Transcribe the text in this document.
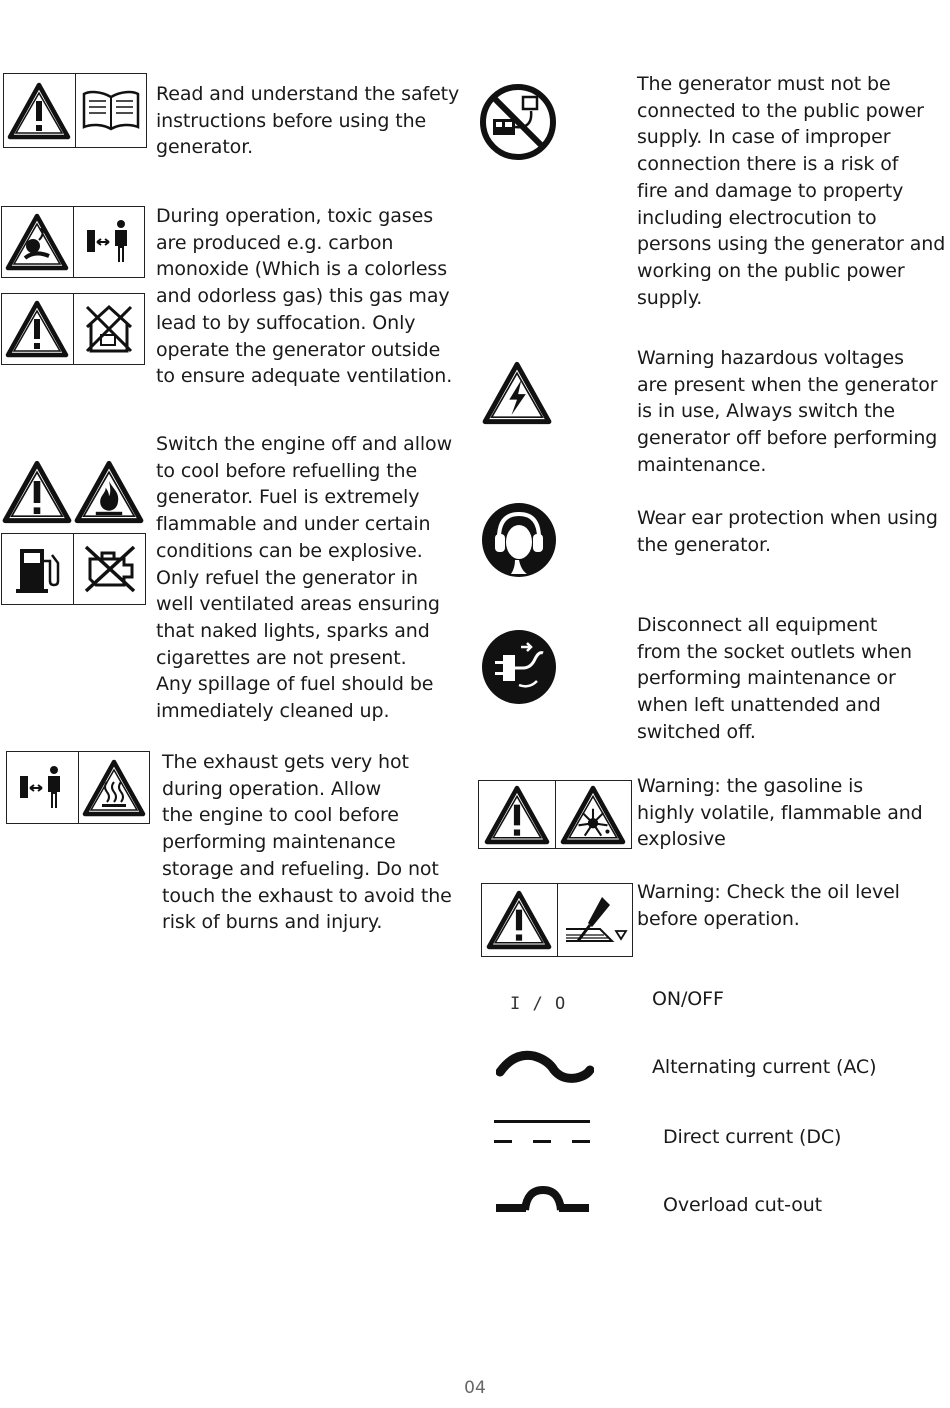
Read and understand the safety
instructions before using the
generator.
During operation, toxic gases
are produced e.g. carbon
monoxide (Which is a colorless
and odorless gas) this gas may
lead to by suffocation. Only
operate the generator outside
to ensure adequate ventilation.
Switch the engine off and allow
to cool before refuelling the
generator. Fuel is extremely
flammable and under certain
conditions can be explosive.
Only refuel the generator in
well ventilated areas ensuring
that naked lights, sparks and
cigarettes are not present.
Any spillage of fuel should be
immediately cleaned up.
The exhaust gets very hot
during operation. Allow
the engine to cool before
performing maintenance
storage and refueling. Do not
touch the exhaust to avoid the
risk of burns and injury.
The generator must not be
connected to the public power
supply. In case of improper
connection there is a risk of
fire and damage to property
including electrocution to
persons using the generator and
working on the public power
supply.
Warning hazardous voltages
are present when the generator
is in use, Always switch the
generator off before performing
maintenance.
Wear ear protection when using
the generator.
Disconnect all equipment
from the socket outlets when
performing maintenance or
when left unattended and
switched off.
Warning: the gasoline is
highly volatile, flammable and
explosive
Warning: Check the oil level
before operation.
I / O	ON/OFF
Alternating current (AC)
Direct current (DC)
Overload cut-out
04
